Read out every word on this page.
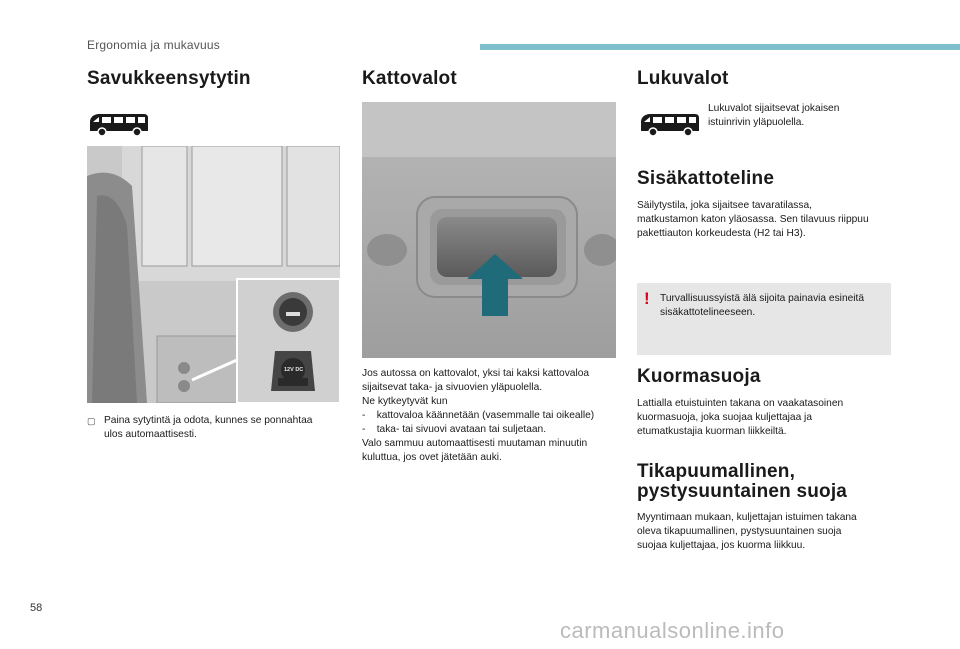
Ergonomia ja mukavuus
Savukkeensytytin
12V DC
▢ Paina sytytintä ja odota, kunnes se ponnahtaa

ulos automaattisesti.

Kattovalot

Jos autossa on kattovalot, yksi tai kaksi kattovaloa

sijaitsevat taka- ja sivuovien yläpuolella.

Ne kytkeytyvät kun

-    kattovaloa käännetään (vasemmalle tai oikealle)

-    taka- tai sivuovi avataan tai suljetaan.

Valo sammuu automaattisesti muutaman minuutin

kuluttua, jos ovet jätetään auki.

Lukuvalot

Lukuvalot sijaitsevat jokaisen

istuinrivin yläpuolella.

Sisäkattoteline

Säilytystila, joka sijaitsee tavaratilassa,

matkustamon katon yläosassa. Sen tilavuus riippuu

pakettiauton korkeudesta (H2 tai H3).

! Turvallisuussyistä älä sijoita painavia esineitä

sisäkattotelineeseen.

Kuormasuoja

Lattialla etuistuinten takana on vaakatasoinen

kuormasuoja, joka suojaa kuljettajaa ja

etumatkustajia kuorman liikkeiltä.

Tikapuumallinen,
pystysuuntainen suoja

Myyntimaan mukaan, kuljettajan istuimen takana

oleva tikapuumallinen, pystysuuntainen suoja

suojaa kuljettajaa, jos kuorma liikkuu.

58
carmanualsonline.info
